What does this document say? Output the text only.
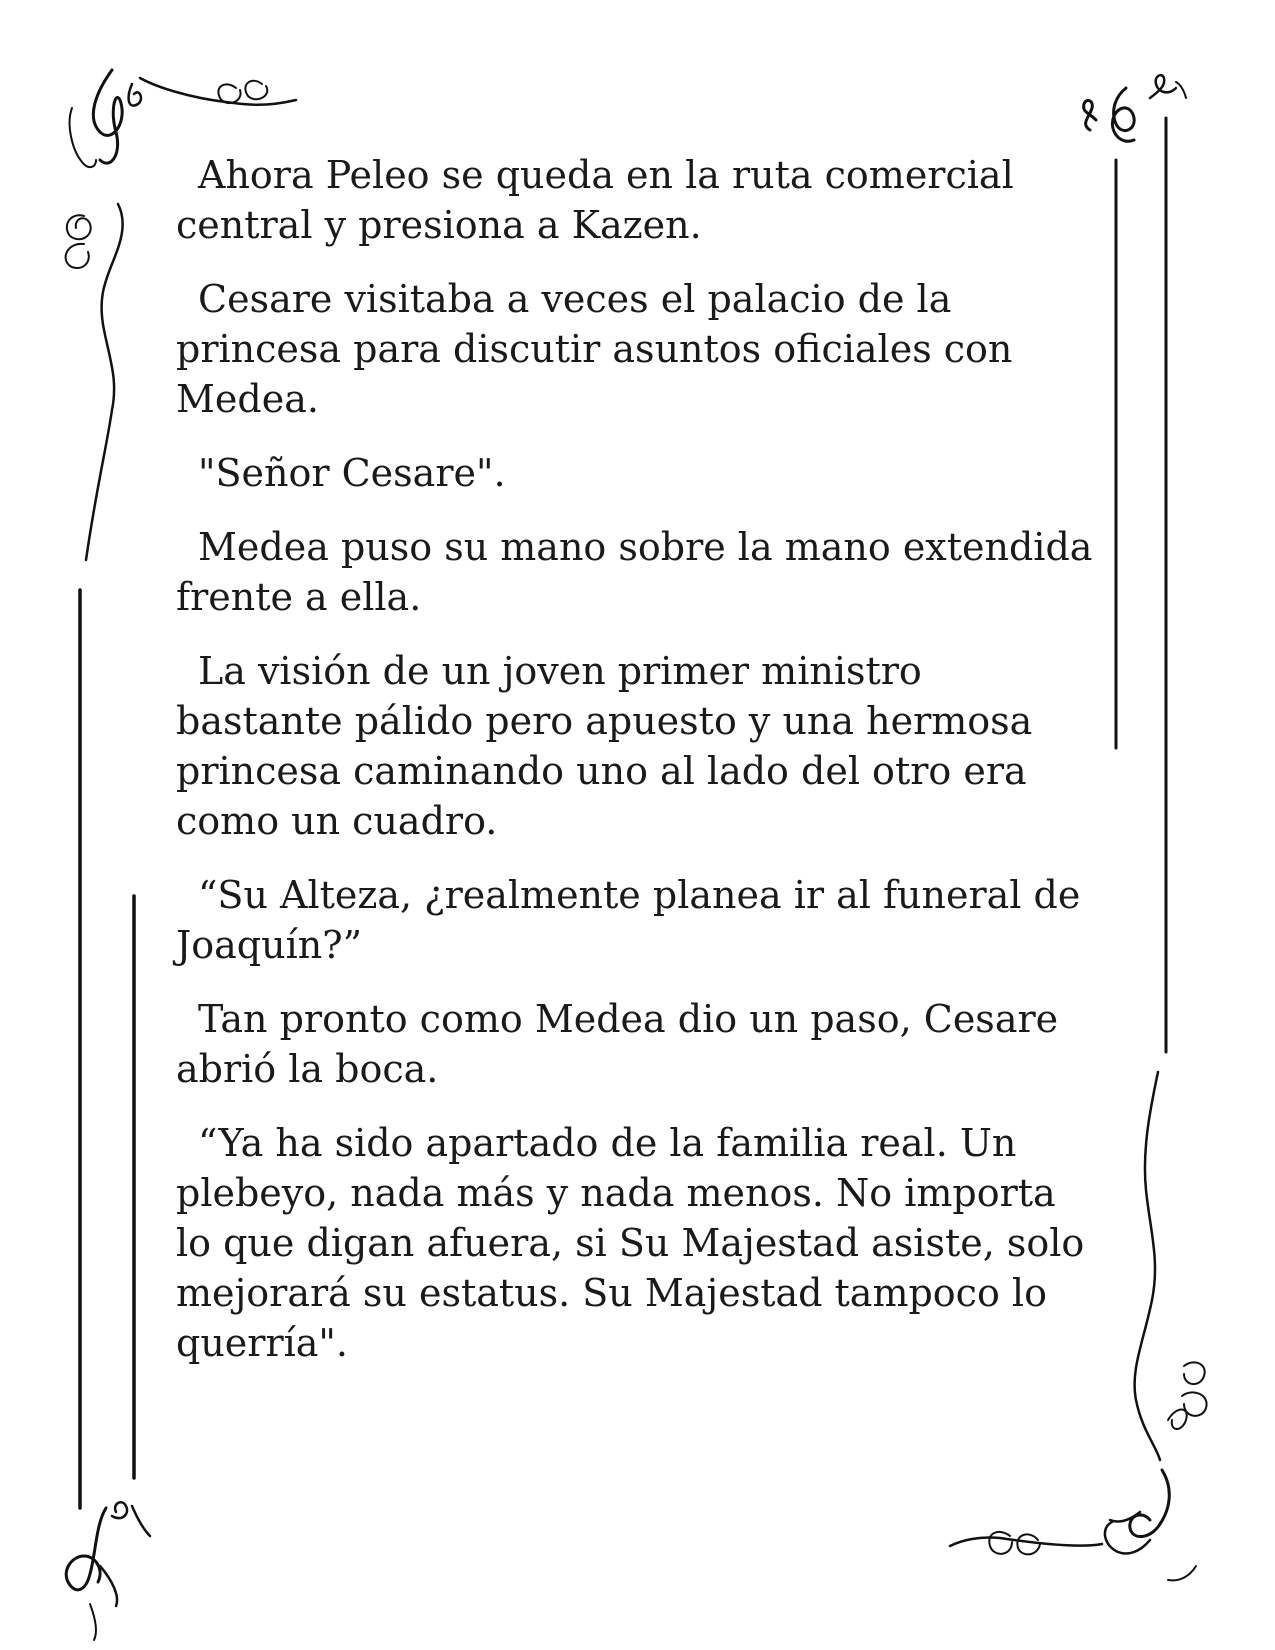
Ahora Peleo se queda en la ruta comercial central y presiona a Kazen.

Cesare visitaba a veces el palacio de la princesa para discutir asuntos oficiales con Medea.

"Señor Cesare".

Medea puso su mano sobre la mano extendida frente a ella.

La visión de un joven primer ministro bastante pálido pero apuesto y una hermosa princesa caminando uno al lado del otro era como un cuadro.

“Su Alteza, ¿realmente planea ir al funeral de Joaquín?”

Tan pronto como Medea dio un paso, Cesare abrió la boca.

“Ya ha sido apartado de la familia real. Un plebeyo, nada más y nada menos. No importa lo que digan afuera, si Su Majestad asiste, solo mejorará su estatus. Su Majestad tampoco lo querría".
